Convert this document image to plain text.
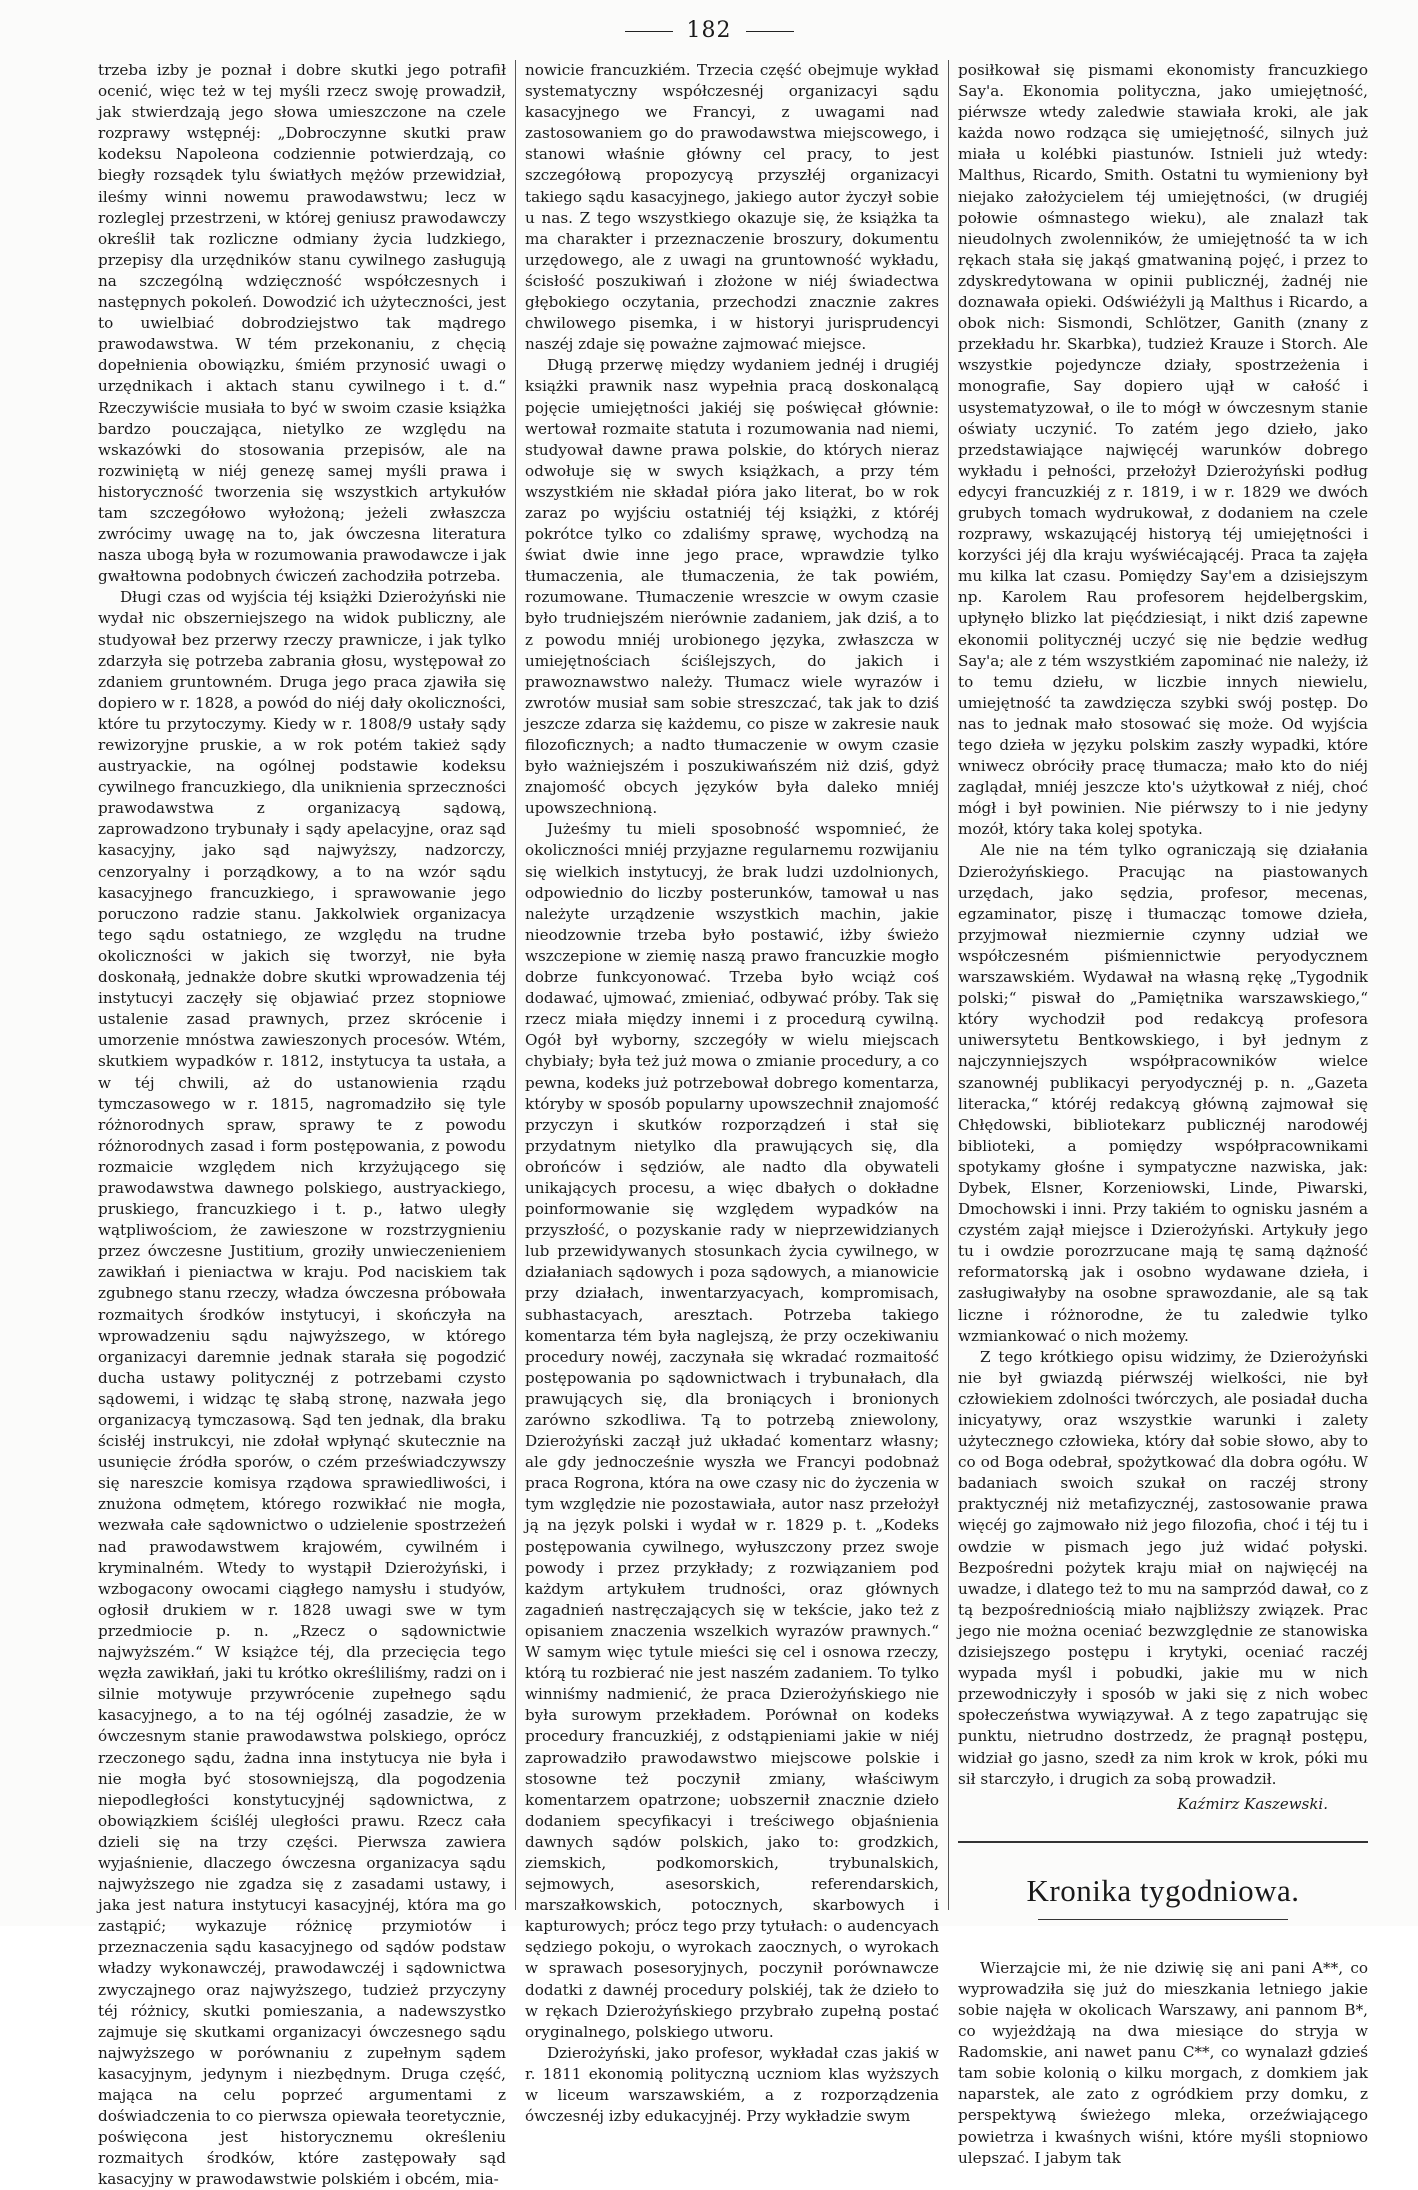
182

trzeba izby je poznał i dobre skutki jego potrafił ocenić, więc też w tej myśli rzecz swoję prowadził, jak stwierdzają jego słowa umieszczone na czele rozprawy wstępnéj: „Dobroczynne skutki praw kodeksu Napoleona codziennie potwierdzają, co biegły rozsądek tylu światłych mężów przewidział, ileśmy winni nowemu prawodawstwu; lecz w rozleglej przestrzeni, w której geniusz prawodawczy określił tak rozliczne odmiany życia ludzkiego, przepisy dla urzędników stanu cywilnego zasługują na szczególną wdzięczność współczesnych i następnych pokoleń. Dowodzić ich użyteczności, jest to uwielbiać dobrodziejstwo tak mądrego prawodawstwa. W tém przekonaniu, z chęcią dopełnienia obowiązku, śmiém przynosić uwagi o urzędnikach i aktach stanu cywilnego i t. d.“ Rzeczywiście musiała to być w swoim czasie książka bardzo pouczająca, nietylko ze względu na wskazówki do stosowania przepisów, ale na rozwiniętą w niéj genezę samej myśli prawa i historyczność tworzenia się wszystkich artykułów tam szczegółowo wyłożoną; jeżeli zwłaszcza zwrócimy uwagę na to, jak ówczesna literatura nasza ubogą była w rozumowania prawodawcze i jak gwałtowna podobnych ćwiczeń zachodziła potrzeba.

Długi czas od wyjścia téj książki Dzierożyński nie wydał nic obszerniejszego na widok publiczny, ale studyował bez przerwy rzeczy prawnicze, i jak tylko zdarzyła się potrzeba zabrania głosu, występował zo zdaniem gruntowném. Druga jego praca zjawiła się dopiero w r. 1828, a powód do niéj dały okoliczności, które tu przytoczymy. Kiedy w r. 1808/9 ustały sądy rewizoryjne pruskie, a w rok potém takież sądy austryackie, na ogólnej podstawie kodeksu cywilnego francuzkiego, dla uniknienia sprzeczności prawodawstwa z organizacyą sądową, zaprowadzono trybunały i sądy apelacyjne, oraz sąd kasacyjny, jako sąd najwyższy, nadzorczy, cenzoryalny i porządkowy, a to na wzór sądu kasacyjnego francuzkiego, i sprawowanie jego poruczono radzie stanu. Jakkolwiek organizacya tego sądu ostatniego, ze względu na trudne okoliczności w jakich się tworzył, nie była doskonałą, jednakże dobre skutki wprowadzenia téj instytucyi zaczęły się objawiać przez stopniowe ustalenie zasad prawnych, przez skrócenie i umorzenie mnóstwa zawieszonych procesów. Wtém, skutkiem wypadków r. 1812, instytucya ta ustała, a w téj chwili, aż do ustanowienia rządu tymczasowego w r. 1815, nagromadziło się tyle różnorodnych spraw, sprawy te z powodu różnorodnych zasad i form postępowania, z powodu rozmaicie względem nich krzyżującego się prawodawstwa dawnego polskiego, austryackiego, pruskiego, francuzkiego i t. p., łatwo uległy wątpliwościom, że zawieszone w rozstrzygnieniu przez ówczesne Justitium, groziły unwieczenieniem zawikłań i pieniactwa w kraju. Pod naciskiem tak zgubnego stanu rzeczy, władza ówczesna próbowała rozmaitych środków instytucyi, i skończyła na wprowadzeniu sądu najwyższego, w którego organizacyi daremnie jednak starała się pogodzić ducha ustawy politycznéj z potrzebami czysto sądowemi, i widząc tę słabą stronę, nazwała jego organizacyą tymczasową. Sąd ten jednak, dla braku ścisłéj instrukcyi, nie zdołał wpłynąć skutecznie na usunięcie źródła sporów, o czém przeświadczywszy się nareszcie komisya rządowa sprawiedliwości, i znużona odmętem, którego rozwikłać nie mogła, wezwała całe sądownictwo o udzielenie spostrzeżeń nad prawodawstwem krajowém, cywilném i kryminalném. Wtedy to wystąpił Dzierożyński, i wzbogacony owocami ciągłego namysłu i studyów, ogłosił drukiem w r. 1828 uwagi swe w tym przedmiocie p. n. „Rzecz o sądownictwie najwyższém.“ W książce téj, dla przecięcia tego węzła zawikłań, jaki tu krótko określiliśmy, radzi on i silnie motywuje przywrócenie zupełnego sądu kasacyjnego, a to na téj ogólnéj zasadzie, że w ówczesnym stanie prawodawstwa polskiego, oprócz rzeczonego sądu, żadna inna instytucya nie była i nie mogła być stosowniejszą, dla pogodzenia niepodległości konstytucyjnéj sądownictwa, z obowiązkiem ściśléj uległości prawu. Rzecz cała dzieli się na trzy części. Pierwsza zawiera wyjaśnienie, dlaczego ówczesna organizacya sądu najwyższego nie zgadza się z zasadami ustawy, i jaka jest natura instytucyi kasacyjnéj, która ma go zastąpić; wykazuje różnicę przymiotów i przeznaczenia sądu kasacyjnego od sądów podstaw władzy wykonawczéj, prawodawczéj i sądownictwa zwyczajnego oraz najwyższego, tudzież przyczyny téj różnicy, skutki pomieszania, a nadewszystko zajmuje się skutkami organizacyi ówczesnego sądu najwyższego w porównaniu z zupełnym sądem kasacyjnym, jedynym i niezbędnym. Druga część, mająca na celu poprzeć argumentami z doświadczenia to co pierwsza opiewała teoretycznie, poświęcona jest historycznemu określeniu rozmaitych środków, które zastępowały sąd kasacyjny w prawodawstwie polskiém i obcém, mia-

nowicie francuzkiém. Trzecia część obejmuje wykład systematyczny współczesnéj organizacyi sądu kasacyjnego we Francyi, z uwagami nad zastosowaniem go do prawodawstwa miejscowego, i stanowi właśnie główny cel pracy, to jest szczegółową propozycyą przyszłéj organizacyi takiego sądu kasacyjnego, jakiego autor życzył sobie u nas. Z tego wszystkiego okazuje się, że książka ta ma charakter i przeznaczenie broszury, dokumentu urzędowego, ale z uwagi na gruntowność wykładu, ścisłość poszukiwań i złożone w niéj świadectwa głębokiego oczytania, przechodzi znacznie zakres chwilowego pisemka, i w historyi jurisprudencyi naszéj zdaje się poważne zajmować miejsce.

Długą przerwę między wydaniem jednéj i drugiéj książki prawnik nasz wypełnia pracą doskonalącą pojęcie umiejętności jakiéj się poświęcał głównie: wertował rozmaite statuta i rozumowania nad niemi, studyował dawne prawa polskie, do których nieraz odwołuje się w swych książkach, a przy tém wszystkiém nie składał pióra jako literat, bo w rok zaraz po wyjściu ostatniéj téj książki, z któréj pokrótce tylko co zdaliśmy sprawę, wychodzą na świat dwie inne jego prace, wprawdzie tylko tłumaczenia, ale tłumaczenia, że tak powiém, rozumowane. Tłumaczenie wreszcie w owym czasie było trudniejszém nierównie zadaniem, jak dziś, a to z powodu mniéj urobionego języka, zwłaszcza w umiejętnościach ściślejszych, do jakich i prawoznawstwo należy. Tłumacz wiele wyrazów i zwrotów musiał sam sobie streszczać, tak jak to dziś jeszcze zdarza się każdemu, co pisze w zakresie nauk filozoficznych; a nadto tłumaczenie w owym czasie było ważniejszém i poszukiwańszém niż dziś, gdyż znajomość obcych języków była daleko mniéj upowszechnioną.

Jużeśmy tu mieli sposobność wspomnieć, że okoliczności mniéj przyjazne regularnemu rozwijaniu się wielkich instytucyj, że brak ludzi uzdolnionych, odpowiednio do liczby posterunków, tamował u nas należyte urządzenie wszystkich machin, jakie nieodzownie trzeba było postawić, iżby świeżo wszczepione w ziemię naszą prawo francuzkie mogło dobrze funkcyonować. Trzeba było wciąż coś dodawać, ujmować, zmieniać, odbywać próby. Tak się rzecz miała między innemi i z procedurą cywilną. Ogół był wyborny, szczegóły w wielu miejscach chybiały; była też już mowa o zmianie procedury, a co pewna, kodeks już potrzebował dobrego komentarza, któryby w sposób popularny upowszechnił znajomość przyczyn i skutków rozporządzeń i stał się przydatnym nietylko dla prawujących się, dla obrońców i sędziów, ale nadto dla obywateli unikających procesu, a więc dbałych o dokładne poinformowanie się względem wypadków na przyszłość, o pozyskanie rady w nieprzewidzianych lub przewidywanych stosunkach życia cywilnego, w działaniach sądowych i poza sądowych, a mianowicie przy działach, inwentarzyacyach, kompromisach, subhastacyach, aresztach. Potrzeba takiego komentarza tém była naglejszą, że przy oczekiwaniu procedury nowéj, zaczynała się wkradać rozmaitość postępowania po sądownictwach i trybunałach, dla prawujących się, dla broniących i bronionych zarówno szkodliwa. Tą to potrzebą zniewolony, Dzierożyński zaczął już układać komentarz własny; ale gdy jednocześnie wyszła we Francyi podobnaż praca Rogrona, która na owe czasy nic do życzenia w tym względzie nie pozostawiała, autor nasz przełożył ją na język polski i wydał w r. 1829 p. t. „Kodeks postępowania cywilnego, wyłuszczony przez swoje powody i przez przykłady; z rozwiązaniem pod każdym artykułem trudności, oraz głównych zagadnień nastręczających się w tekście, jako też z opisaniem znaczenia wszelkich wyrazów prawnych.“ W samym więc tytule mieści się cel i osnowa rzeczy, którą tu rozbierać nie jest naszém zadaniem. To tylko winniśmy nadmienić, że praca Dzierożyńskiego nie była surowym przekładem. Porównał on kodeks procedury francuzkiéj, z odstąpieniami jakie w niéj zaprowadziło prawodawstwo miejscowe polskie i stosowne też poczynił zmiany, właściwym komentarzem opatrzone; uobszernił znacznie dzieło dodaniem specyfikacyi i treściwego objaśnienia dawnych sądów polskich, jako to: grodzkich, ziemskich, podkomorskich, trybunalskich, sejmowych, asesorskich, referendarskich, marszałkowskich, potocznych, skarbowych i kapturowych; prócz tego przy tytułach: o audencyach sędziego pokoju, o wyrokach zaocznych, o wyrokach w sprawach posesoryjnych, poczynił porównawcze dodatki z dawnéj procedury polskiéj, tak że dzieło to w rękach Dzierożyńskiego przybrało zupełną postać oryginalnego, polskiego utworu.

Dzierożyński, jako profesor, wykładał czas jakiś w r. 1811 ekonomią polityczną uczniom klas wyższych w liceum warszawskiém, a z rozporządzenia ówczesnéj izby edukacyjnéj. Przy wykładzie swym

posiłkował się pismami ekonomisty francuzkiego Say'a. Ekonomia polityczna, jako umiejętność, piérwsze wtedy zaledwie stawiała kroki, ale jak każda nowo rodząca się umiejętność, silnych już miała u kolébki piastunów. Istnieli już wtedy: Malthus, Ricardo, Smith. Ostatni tu wymieniony był niejako założycielem téj umiejętności, (w drugiéj połowie ośmnastego wieku), ale znalazł tak nieudolnych zwolenników, że umiejętność ta w ich rękach stała się jakąś gmatwaniną pojęć, i przez to zdyskredytowana w opinii publicznéj, żadnéj nie doznawała opieki. Odświéżyli ją Malthus i Ricardo, a obok nich: Sismondi, Schlötzer, Ganith (znany z przekładu hr. Skarbka), tudzież Krauze i Storch. Ale wszystkie pojedyncze działy, spostrzeżenia i monografie, Say dopiero ujął w całość i usystematyzował, o ile to mógł w ówczesnym stanie oświaty uczynić. To zatém jego dzieło, jako przedstawiające najwięcéj warunków dobrego wykładu i pełności, przełożył Dzierożyński podług edycyi francuzkiéj z r. 1819, i w r. 1829 we dwóch grubych tomach wydrukował, z dodaniem na czele rozprawy, wskazującéj historyą téj umiejętności i korzyści jéj dla kraju wyświécającéj. Praca ta zajęła mu kilka lat czasu. Pomiędzy Say'em a dzisiejszym np. Karolem Rau profesorem hejdelbergskim, upłynęło blizko lat pięćdziesiąt, i nikt dziś zapewne ekonomii politycznéj uczyć się nie będzie według Say'a; ale z tém wszystkiém zapominać nie należy, iż to temu dziełu, w liczbie innych niewielu, umiejętność ta zawdzięcza szybki swój postęp. Do nas to jednak mało stosować się może. Od wyjścia tego dzieła w języku polskim zaszły wypadki, które wniwecz obróciły pracę tłumacza; mało kto do niéj zaglądał, mniéj jeszcze kto's użytkował z niéj, choć mógł i był powinien. Nie piérwszy to i nie jedyny mozół, który taka kolej spotyka.

Ale nie na tém tylko ograniczają się działania Dzierożyńskiego. Pracując na piastowanych urzędach, jako sędzia, profesor, mecenas, egzaminator, piszę i tłumacząc tomowe dzieła, przyjmował niezmiernie czynny udział we współczesném piśmiennictwie peryodycznem warszawskiém. Wydawał na własną rękę „Tygodnik polski;“ piswał do „Pamiętnika warszawskiego,“ który wychodził pod redakcyą profesora uniwersytetu Bentkowskiego, i był jednym z najczynniejszych współpracowników wielce szanownéj publikacyi peryodycznéj p. n. „Gazeta literacka,“ któréj redakcyą główną zajmował się Chłędowski, bibliotekarz publicznéj narodowéj biblioteki, a pomiędzy współpracownikami spotykamy głośne i sympatyczne nazwiska, jak: Dybek, Elsner, Korzeniowski, Linde, Piwarski, Dmochowski i inni. Przy takiém to ognisku jasném a czystém zajął miejsce i Dzierożyński. Artykuły jego tu i owdzie porozrzucane mają tę samą dążność reformatorską jak i osobno wydawane dzieła, i zasługiwałyby na osobne sprawozdanie, ale są tak liczne i różnorodne, że tu zaledwie tylko wzmiankować o nich możemy.

Z tego krótkiego opisu widzimy, że Dzierożyński nie był gwiazdą piérwszéj wielkości, nie był człowiekiem zdolności twórczych, ale posiadał ducha inicyatywy, oraz wszystkie warunki i zalety użytecznego człowieka, który dał sobie słowo, aby to co od Boga odebrał, spożytkować dla dobra ogółu. W badaniach swoich szukał on raczéj strony praktycznéj niż metafizycznéj, zastosowanie prawa więcéj go zajmowało niż jego filozofia, choć i téj tu i owdzie w pismach jego już widać połyski. Bezpośredni pożytek kraju miał on najwięcéj na uwadze, i dlatego też to mu na samprzód dawał, co z tą bezpośredniością miało najbliższy związek. Prac jego nie można oceniać bezwzględnie ze stanowiska dzisiejszego postępu i krytyki, oceniać raczéj wypada myśl i pobudki, jakie mu w nich przewodniczyły i sposób w jaki się z nich wobec społeczeństwa wywiązywał. A z tego zapatrując się punktu, nietrudno dostrzedz, że pragnął postępu, widział go jasno, szedł za nim krok w krok, póki mu sił starczyło, i drugich za sobą prowadził.

Kaźmirz Kaszewski.
Kronika tygodniowa.

Wierzajcie mi, że nie dziwię się ani pani A**, co wyprowadziła się już do mieszkania letniego jakie sobie najęła w okolicach Warszawy, ani pannom B*, co wyjeżdżają na dwa miesiące do stryja w Radomskie, ani nawet panu C**, co wynalazł gdzieś tam sobie kolonią o kilku morgach, z domkiem jak naparstek, ale zato z ogródkiem przy domku, z perspektywą świeżego mleka, orzeźwiającego powietrza i kwaśnych wiśni, które myśli stopniowo ulepszać. I jabym tak
